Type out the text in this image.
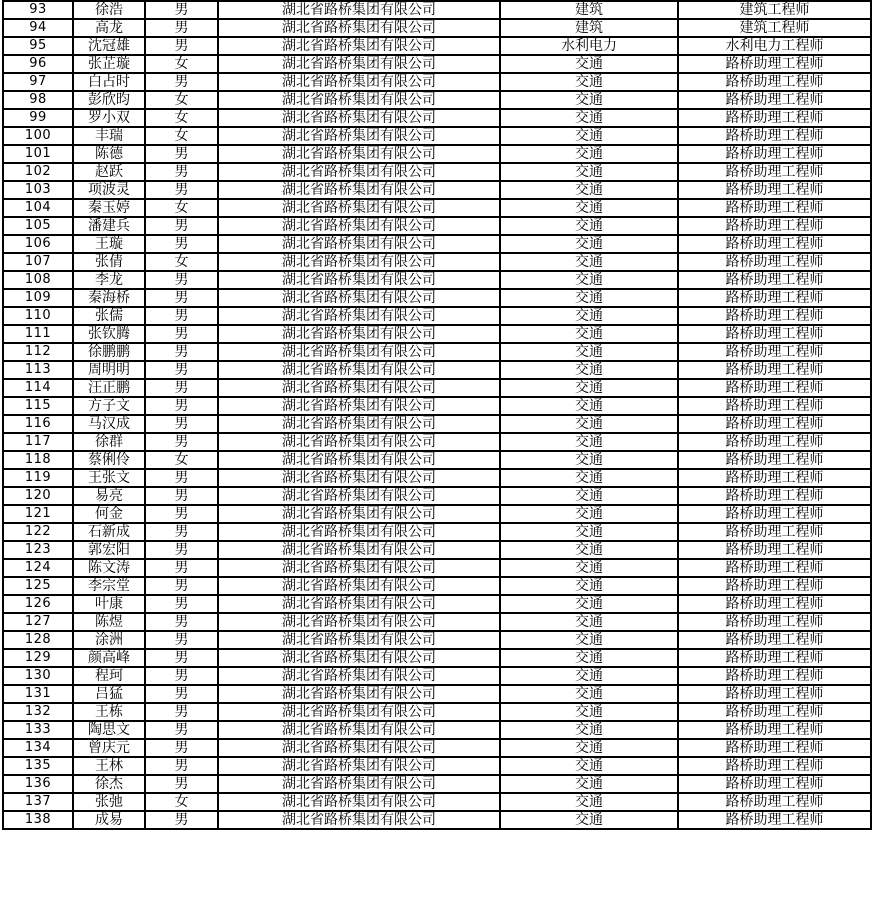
93	徐浩	男	湖北省路桥集团有限公司	建筑	建筑工程师
94	高龙	男	湖北省路桥集团有限公司	建筑	建筑工程师
95	沈冠雄	男	湖北省路桥集团有限公司	水利电力	水利电力工程师
96	张芷璇	女	湖北省路桥集团有限公司	交通	路桥助理工程师
97	白占时	男	湖北省路桥集团有限公司	交通	路桥助理工程师
98	彭欣昀	女	湖北省路桥集团有限公司	交通	路桥助理工程师
99	罗小双	女	湖北省路桥集团有限公司	交通	路桥助理工程师
100	丰瑞	女	湖北省路桥集团有限公司	交通	路桥助理工程师
101	陈德	男	湖北省路桥集团有限公司	交通	路桥助理工程师
102	赵跃	男	湖北省路桥集团有限公司	交通	路桥助理工程师
103	项波灵	男	湖北省路桥集团有限公司	交通	路桥助理工程师
104	秦玉婷	女	湖北省路桥集团有限公司	交通	路桥助理工程师
105	潘建兵	男	湖北省路桥集团有限公司	交通	路桥助理工程师
106	王璇	男	湖北省路桥集团有限公司	交通	路桥助理工程师
107	张倩	女	湖北省路桥集团有限公司	交通	路桥助理工程师
108	李龙	男	湖北省路桥集团有限公司	交通	路桥助理工程师
109	秦海桥	男	湖北省路桥集团有限公司	交通	路桥助理工程师
110	张儒	男	湖北省路桥集团有限公司	交通	路桥助理工程师
111	张钦腾	男	湖北省路桥集团有限公司	交通	路桥助理工程师
112	徐鹏鹏	男	湖北省路桥集团有限公司	交通	路桥助理工程师
113	周明明	男	湖北省路桥集团有限公司	交通	路桥助理工程师
114	汪正鹏	男	湖北省路桥集团有限公司	交通	路桥助理工程师
115	方子文	男	湖北省路桥集团有限公司	交通	路桥助理工程师
116	马汉成	男	湖北省路桥集团有限公司	交通	路桥助理工程师
117	徐群	男	湖北省路桥集团有限公司	交通	路桥助理工程师
118	蔡俐伶	女	湖北省路桥集团有限公司	交通	路桥助理工程师
119	王张文	男	湖北省路桥集团有限公司	交通	路桥助理工程师
120	易亮	男	湖北省路桥集团有限公司	交通	路桥助理工程师
121	何金	男	湖北省路桥集团有限公司	交通	路桥助理工程师
122	石新成	男	湖北省路桥集团有限公司	交通	路桥助理工程师
123	郭宏阳	男	湖北省路桥集团有限公司	交通	路桥助理工程师
124	陈文涛	男	湖北省路桥集团有限公司	交通	路桥助理工程师
125	李宗堂	男	湖北省路桥集团有限公司	交通	路桥助理工程师
126	叶康	男	湖北省路桥集团有限公司	交通	路桥助理工程师
127	陈煜	男	湖北省路桥集团有限公司	交通	路桥助理工程师
128	涂洲	男	湖北省路桥集团有限公司	交通	路桥助理工程师
129	颜高峰	男	湖北省路桥集团有限公司	交通	路桥助理工程师
130	程珂	男	湖北省路桥集团有限公司	交通	路桥助理工程师
131	吕猛	男	湖北省路桥集团有限公司	交通	路桥助理工程师
132	王栋	男	湖北省路桥集团有限公司	交通	路桥助理工程师
133	陶思文	男	湖北省路桥集团有限公司	交通	路桥助理工程师
134	曾庆元	男	湖北省路桥集团有限公司	交通	路桥助理工程师
135	王林	男	湖北省路桥集团有限公司	交通	路桥助理工程师
136	徐杰	男	湖北省路桥集团有限公司	交通	路桥助理工程师
137	张弛	女	湖北省路桥集团有限公司	交通	路桥助理工程师
138	成易	男	湖北省路桥集团有限公司	交通	路桥助理工程师
